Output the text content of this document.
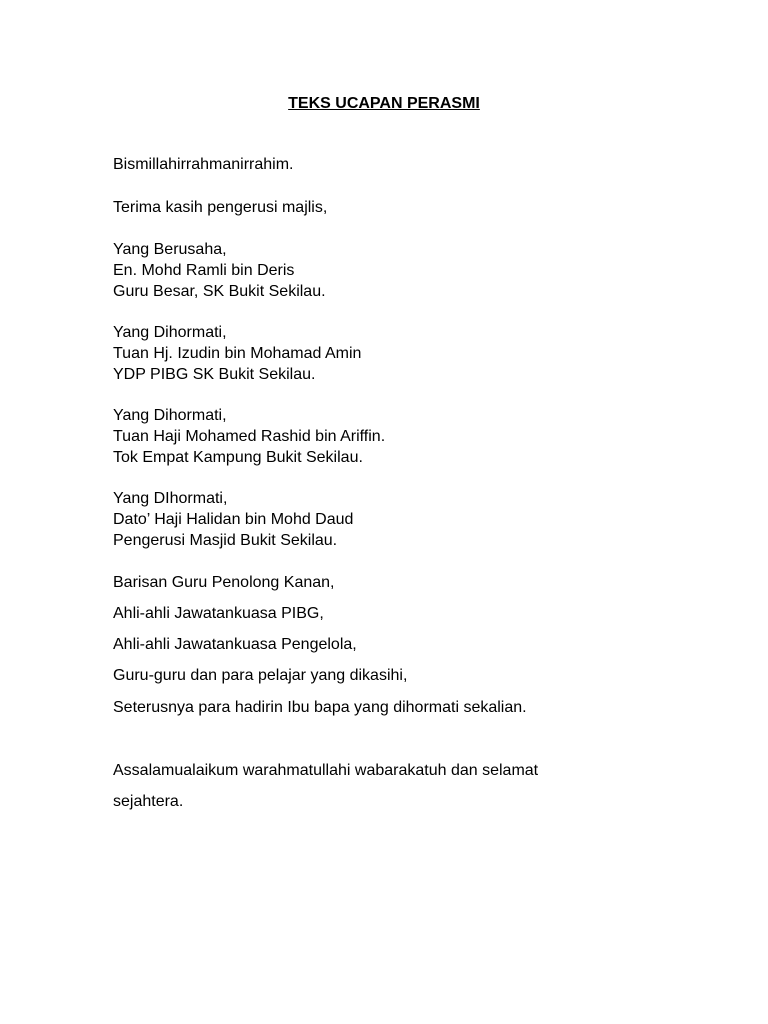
TEKS UCAPAN PERASMI
Bismillahirrahmanirrahim.
Terima kasih pengerusi majlis,
Yang Berusaha,
En. Mohd Ramli bin Deris
Guru Besar, SK Bukit Sekilau.
Yang Dihormati,
Tuan Hj. Izudin bin Mohamad Amin
YDP PIBG SK Bukit Sekilau.
Yang Dihormati,
Tuan Haji Mohamed Rashid bin Ariffin.
Tok Empat Kampung Bukit Sekilau.
Yang DIhormati,
Dato’ Haji Halidan bin Mohd Daud
Pengerusi Masjid Bukit Sekilau.
Barisan Guru Penolong Kanan,
Ahli-ahli Jawatankuasa PIBG,
Ahli-ahli Jawatankuasa Pengelola,
Guru-guru dan para pelajar yang dikasihi,
Seterusnya para hadirin Ibu bapa yang dihormati sekalian.
Assalamualaikum warahmatullahi wabarakatuh dan selamat
sejahtera.
